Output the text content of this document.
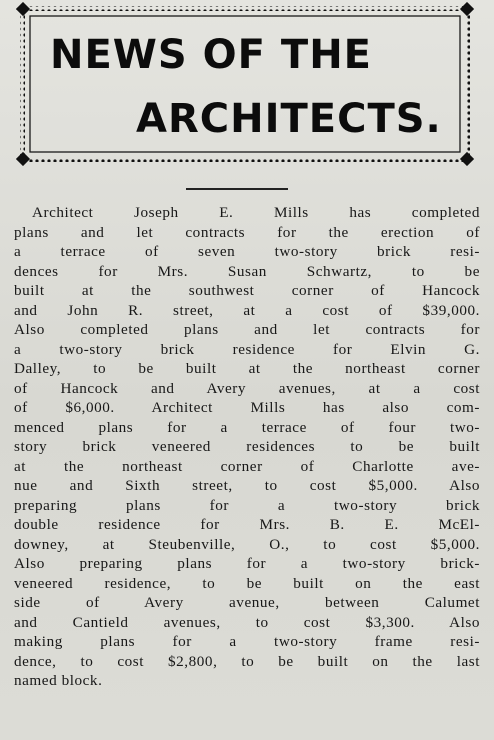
NEWS OF THE
ARCHITECTS.
Architect Joseph E. Mills has completed
plans and let contracts for the erection of
a terrace of seven two-story brick resi-
dences for Mrs. Susan Schwartz, to be
built at the southwest corner of Hancock
and John R. street, at a cost of $39,000.
Also completed plans and let contracts for
a two-story brick residence for Elvin G.
Dalley, to be built at the northeast corner
of Hancock and Avery avenues, at a cost
of $6,000. Architect Mills has also com-
menced plans for a terrace of four two-
story brick veneered residences to be built
at the northeast corner of Charlotte ave-
nue and Sixth street, to cost $5,000. Also
preparing plans for a two-story brick
double residence for Mrs. B. E. McEl-
downey, at Steubenville, O., to cost $5,000.
Also preparing plans for a two-story brick-
veneered residence, to be built on the east
side of Avery avenue, between Calumet
and Cantield avenues, to cost $3,300. Also
making plans for a two-story frame resi-
dence, to cost $2,800, to be built on the last
named block.
